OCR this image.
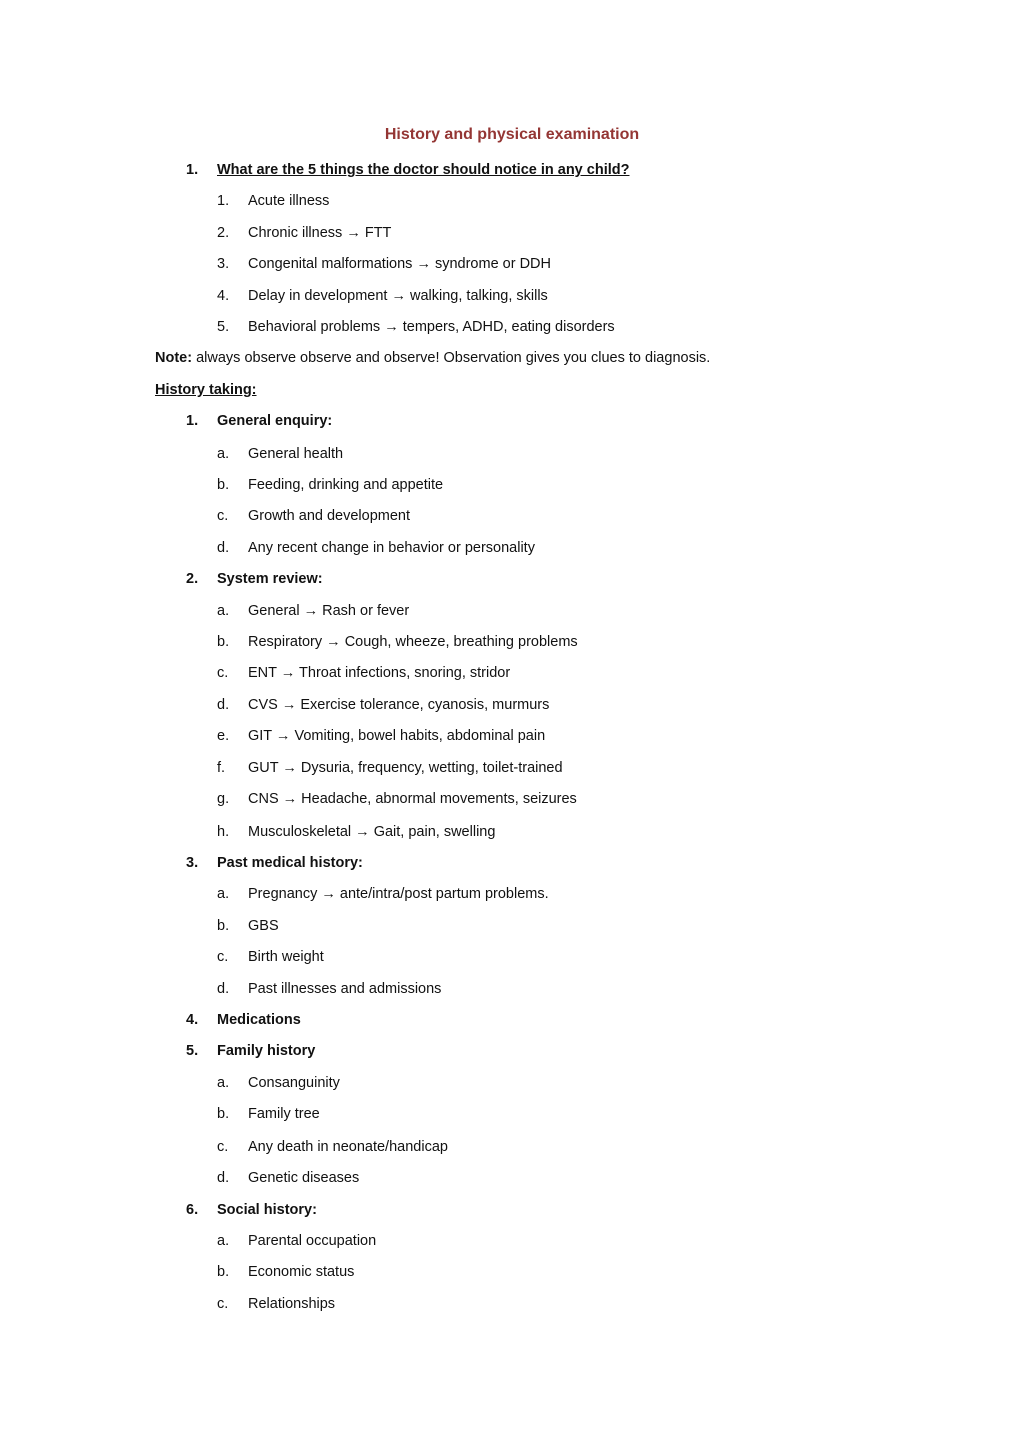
History and physical examination
1. What are the 5 things the doctor should notice in any child?
1. Acute illness
2. Chronic illness → FTT
3. Congenital malformations → syndrome or DDH
4. Delay in development → walking, talking, skills
5. Behavioral problems → tempers, ADHD, eating disorders
Note: always observe observe and observe! Observation gives you clues to diagnosis.
History taking:
1. General enquiry:
a. General health
b. Feeding, drinking and appetite
c. Growth and development
d. Any recent change in behavior or personality
2. System review:
a. General → Rash or fever
b. Respiratory → Cough, wheeze, breathing problems
c. ENT → Throat infections, snoring, stridor
d. CVS → Exercise tolerance, cyanosis, murmurs
e. GIT → Vomiting, bowel habits, abdominal pain
f. GUT → Dysuria, frequency, wetting, toilet-trained
g. CNS → Headache, abnormal movements, seizures
h. Musculoskeletal → Gait, pain, swelling
3. Past medical history:
a. Pregnancy → ante/intra/post partum problems.
b. GBS
c. Birth weight
d. Past illnesses and admissions
4. Medications
5. Family history
a. Consanguinity
b. Family tree
c. Any death in neonate/handicap
d. Genetic diseases
6. Social history:
a. Parental occupation
b. Economic status
c. Relationships
